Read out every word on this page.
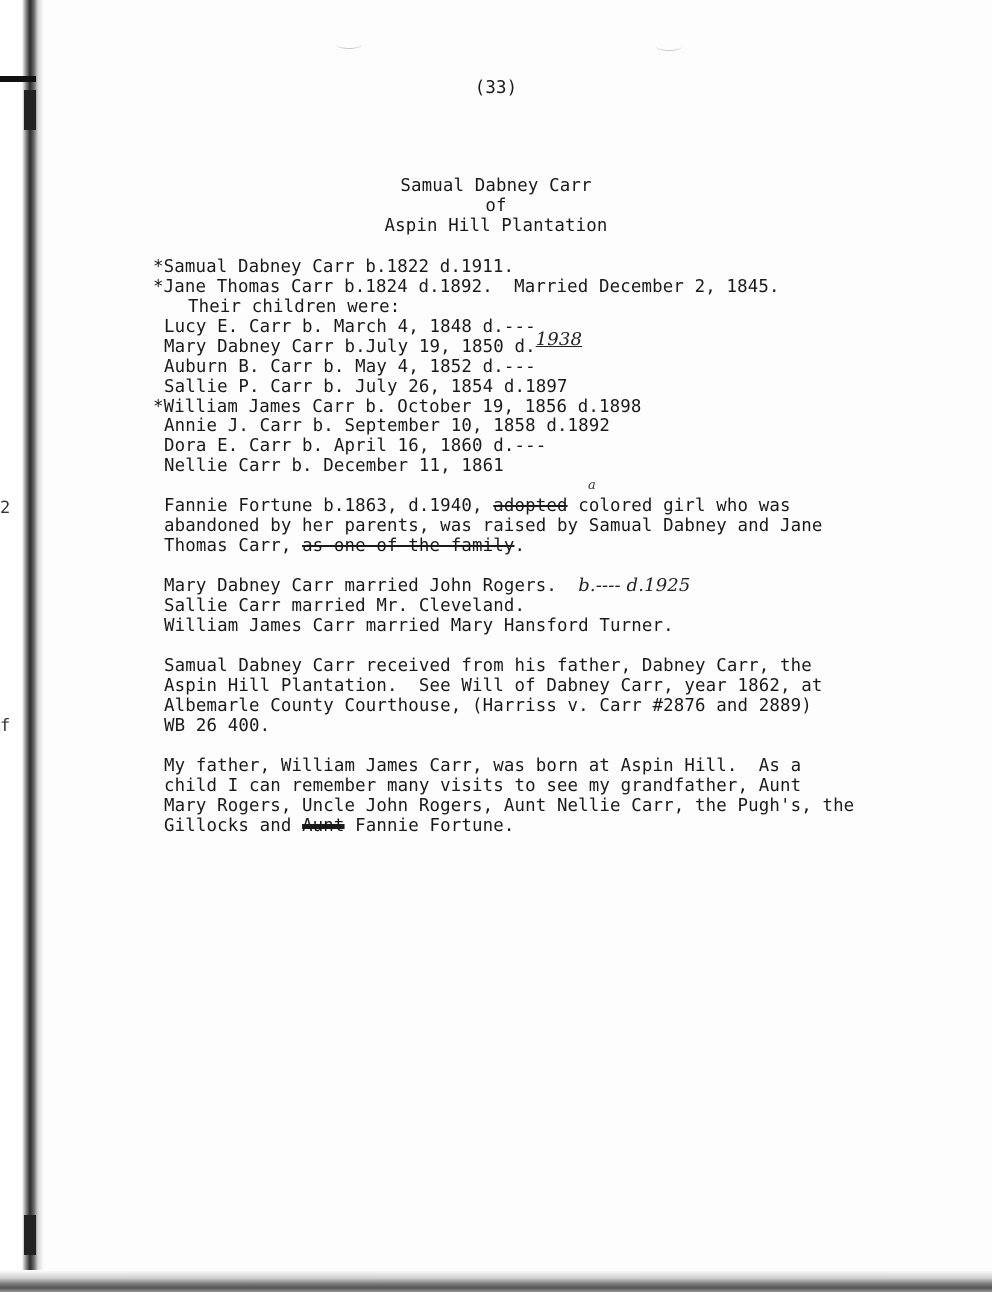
2
f
(33)
Samual Dabney Carr
of
Aspin Hill Plantation
*Samual Dabney Carr b.1822 d.1911.
*Jane Thomas Carr b.1824 d.1892.  Married December 2, 1845.
Their children were:
Lucy E. Carr b. March 4, 1848 d.---
Mary Dabney Carr b.July 19, 1850 d.1938
Auburn B. Carr b. May 4, 1852 d.---
Sallie P. Carr b. July 26, 1854 d.1897
*William James Carr b. October 19, 1856 d.1898
Annie J. Carr b. September 10, 1858 d.1892
Dora E. Carr b. April 16, 1860 d.---
Nellie Carr b. December 11, 1861
Fannie Fortune b.1863, d.1940, adopted colored girl who was
a
abandoned by her parents, was raised by Samual Dabney and Jane
Thomas Carr, as one of the family.
Mary Dabney Carr married John Rogers. b.---- d.1925
Sallie Carr married Mr. Cleveland.
William James Carr married Mary Hansford Turner.
Samual Dabney Carr received from his father, Dabney Carr, the
Aspin Hill Plantation.  See Will of Dabney Carr, year 1862, at
Albemarle County Courthouse, (Harriss v. Carr #2876 and 2889)
WB 26 400.
My father, William James Carr, was born at Aspin Hill.  As a
child I can remember many visits to see my grandfather, Aunt
Mary Rogers, Uncle John Rogers, Aunt Nellie Carr, the Pugh's, the
Gillocks and Aunt Fannie Fortune.
